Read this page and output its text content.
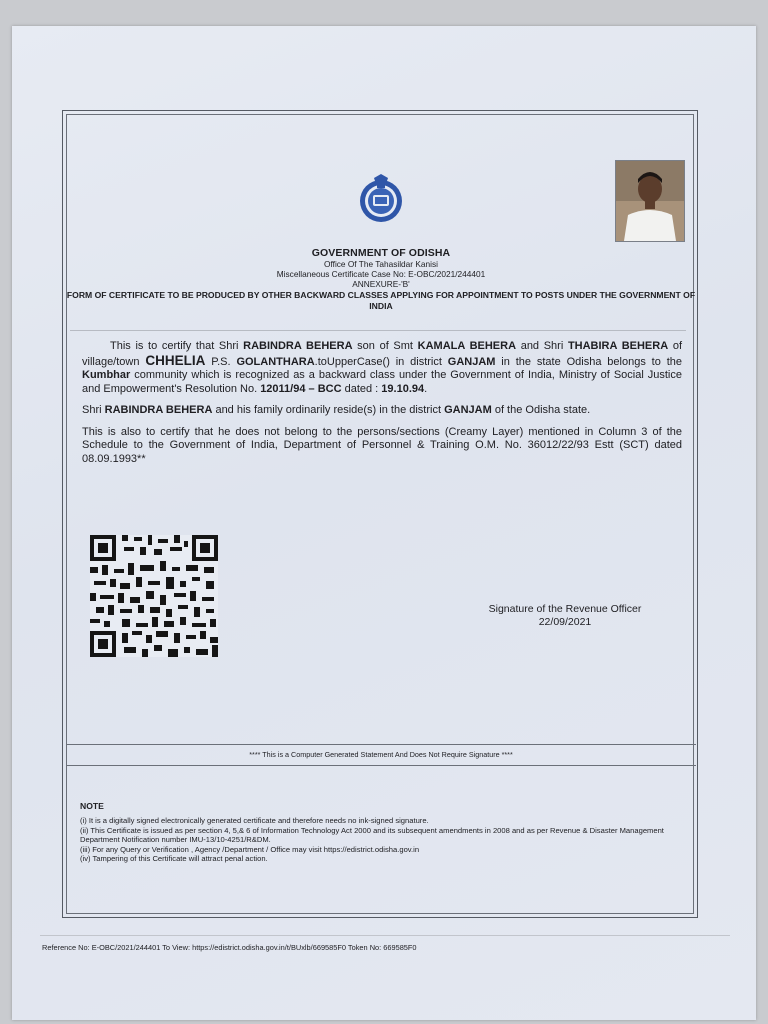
GOVERNMENT OF ODISHA
Office Of The Tahasildar Kanisi
Miscellaneous Certificate Case No: E-OBC/2021/244401
ANNEXURE-'B'
FORM OF CERTIFICATE TO BE PRODUCED BY OTHER BACKWARD CLASSES APPLYING FOR APPOINTMENT TO POSTS UNDER THE GOVERNMENT OF INDIA

This is to certify that Shri RABINDRA BEHERA son of Smt KAMALA BEHERA and Shri THABIRA BEHERA of village/town CHHELIA P.S. GOLANTHARA.toUpperCase() in district GANJAM in the state Odisha belongs to the Kumbhar community which is recognized as a backward class under the Government of India, Ministry of Social Justice and Empowerment's Resolution No. 12011/94 – BCC dated : 19.10.94.

Shri RABINDRA BEHERA and his family ordinarily reside(s) in the district GANJAM of the Odisha state.

This is also to certify that he does not belong to the persons/sections (Creamy Layer) mentioned in Column 3 of the Schedule to the Government of India, Department of Personnel & Training O.M. No. 36012/22/93 Estt (SCT) dated 08.09.1993**

Signature of the Revenue Officer
22/09/2021
**** This is a Computer Generated Statement And Does Not Require Signature ****
NOTE
(i) It is a digitally signed electronically generated certificate and therefore needs no ink-signed signature.
(ii) This Certificate is issued as per section 4, 5,& 6 of Information Technology Act 2000 and its subsequent amendments in 2008 and as per Revenue & Disaster Management Department Notification number IMU-13/10-4251/R&DM.
(iii) For any Query or Verification , Agency /Department / Office may visit https://edistrict.odisha.gov.in
(iv) Tampering of this Certificate will attract penal action.
Reference No: E-OBC/2021/244401 To View: https://edistrict.odisha.gov.in/t/BUxlb/669585F0 Token No: 669585F0
